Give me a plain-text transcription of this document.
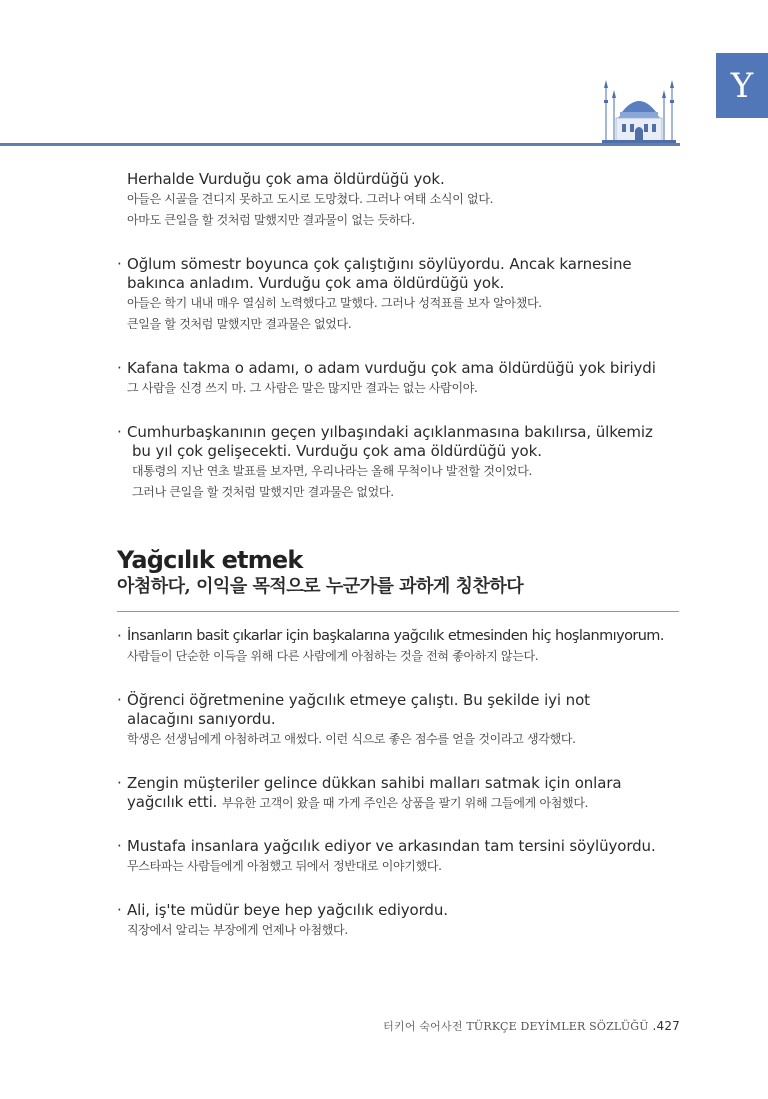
Y
Herhalde Vurduğu çok ama öldürdüğü yok.
아들은 시골을 견디지 못하고 도시로 도망쳤다. 그러나 여태 소식이 없다.
아마도 큰일을 할 것처럼 말했지만 결과물이 없는 듯하다.
· Oğlum sömestr boyunca çok çalıştığını söylüyordu. Ancak karnesine
bakınca anladım. Vurduğu çok ama öldürdüğü yok.
아들은 학기 내내 매우 열심히 노력했다고 말했다. 그러나 성적표를 보자 알아챘다.
큰일을 할 것처럼 말했지만 결과물은 없었다.
· Kafana takma o adamı, o adam vurduğu çok ama öldürdüğü yok biriydi
그 사람을 신경 쓰지 마. 그 사람은 말은 많지만 결과는 없는 사람이야.
· Cumhurbaşkanının geçen yılbaşındaki açıklanmasına bakılırsa, ülkemiz
bu yıl çok gelişecekti. Vurduğu çok ama öldürdüğü yok.
대통령의 지난 연초 발표를 보자면, 우리나라는 올해 무척이나 발전할 것이었다.
그러나 큰일을 할 것처럼 말했지만 결과물은 없었다.
Yağcılık etmek
아첨하다, 이익을 목적으로 누군가를 과하게 칭찬하다
· İnsanların basit çıkarlar için başkalarına yağcılık etmesinden hiç hoşlanmıyorum.
사람들이 단순한 이득을 위해 다른 사람에게 아첨하는 것을 전혀 좋아하지 않는다.
· Öğrenci öğretmenine yağcılık etmeye çalıştı. Bu şekilde iyi not
alacağını sanıyordu.
학생은 선생님에게 아첨하려고 애썼다. 이런 식으로 좋은 점수를 얻을 것이라고 생각했다.
· Zengin müşteriler gelince dükkan sahibi malları satmak için onlara
yağcılık etti. 부유한 고객이 왔을 때 가게 주인은 상품을 팔기 위해 그들에게 아첨했다.
· Mustafa insanlara yağcılık ediyor ve arkasından tam tersini söylüyordu.
무스타파는 사람들에게 아첨했고 뒤에서 정반대로 이야기했다.
· Ali, iş'te müdür beye hep yağcılık ediyordu.
직장에서 알리는 부장에게 언제나 아첨했다.
터키어 숙어사전 TÜRKÇE DEYİMLER SÖZLÜĞÜ .427
